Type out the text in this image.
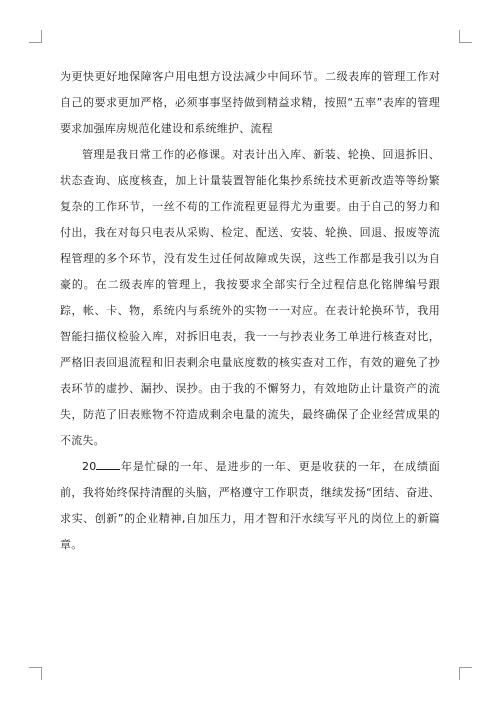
为更快更好地保障客户用电想方设法减少中间环节。二级表库的管理工作对自己的要求更加严格，必须事事坚持做到精益求精，按照“五率”表库的管理要求加强库房规范化建设和系统维护、流程

管理是我日常工作的必修课。对表计出入库、新装、轮换、回退拆旧、状态查询、底度核查，加上计量装置智能化集抄系统技术更新改造等等纷繁复杂的工作环节，一丝不苟的工作流程更显得尤为重要。由于自己的努力和付出，我在对每只电表从采购、检定、配送、安装、轮换、回退、报废等流程管理的多个环节，没有发生过任何故障或失误，这些工作都是我引以为自豪的。在二级表库的管理上，我按要求全部实行全过程信息化铭牌编号跟踪，帐、卡、物，系统内与系统外的实物一一对应。在表计轮换环节，我用智能扫描仪检验入库，对拆旧电表，我一一与抄表业务工单进行核查对比，严格旧表回退流程和旧表剩余电量底度数的核实查对工作，有效的避免了抄表环节的虚抄、漏抄、误抄。由于我的不懈努力，有效地防止计量资产的流失，防范了旧表账物不符造成剩余电量的流失，最终确保了企业经营成果的不流失。

20 年是忙碌的一年、是进步的一年、更是收获的一年，在成绩面前，我将始终保持清醒的头脑，严格遵守工作职责，继续发扬“团结、奋进、求实、创新”的企业精神,自加压力，用才智和汗水续写平凡的岗位上的新篇章。
